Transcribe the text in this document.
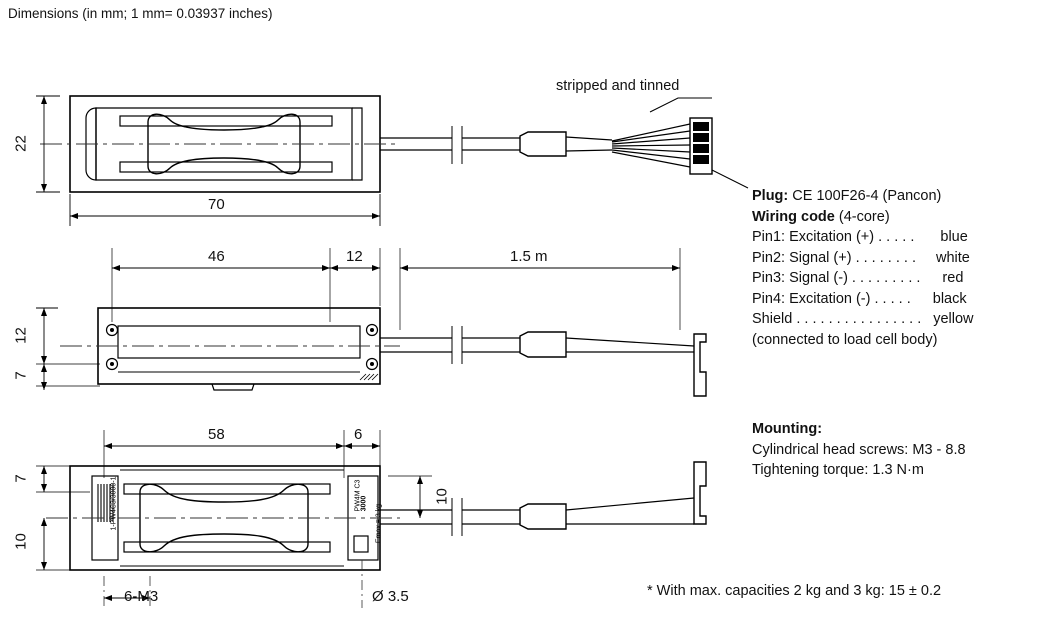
Dimensions (in mm; 1 mm= 0.03937 inches)
22
70
46	12	1.5 m
12
7
58	6
7
10
10
6-M3	Ø 3.5
stripped and tinned
1-PW4C3/3000-1	PW4M C3 3000
Emax = 3 kg
Plug: CE 100F26-4 (Pancon)
Wiring code (4-core)
Pin1: Excitation (+) . . . . . blue
Pin2: Signal (+) . . . . . . . . white
Pin3: Signal (-) . . . . . . . . . red
Pin4: Excitation (-) . . . . . black
Shield . . . . . . . . . . . . . . . . yellow
(connected to load cell body)
Mounting:
Cylindrical head screws: M3 - 8.8
Tightening torque: 1.3 N·m
* With max. capacities 2 kg and 3 kg: 15 ± 0.2
